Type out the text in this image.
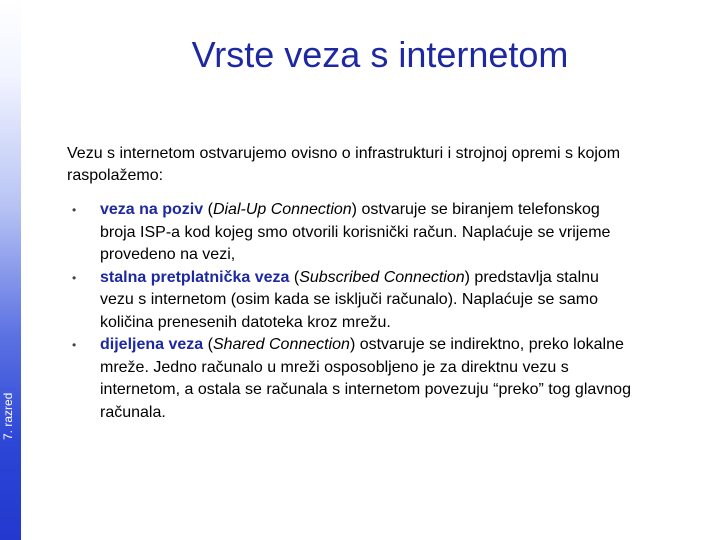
7. razred
Vrste veza s internetom

Vezu s internetom ostvarujemo ovisno o infrastrukturi i strojnoj opremi s kojom raspolažemo:

• veza na poziv (Dial-Up Connection) ostvaruje se biranjem telefonskog broja ISP-a kod kojeg smo otvorili korisnički račun. Naplaćuje se vrijeme provedeno na vezi,
• stalna pretplatnička veza (Subscribed Connection) predstavlja stalnu vezu s internetom (osim kada se isključi računalo). Naplaćuje se samo količina prenesenih datoteka kroz mrežu.
• dijeljena veza (Shared Connection) ostvaruje se indirektno, preko lokalne mreže. Jedno računalo u mreži osposobljeno je za direktnu vezu s internetom, a ostala se računala s internetom povezuju “preko” tog glavnog računala.
